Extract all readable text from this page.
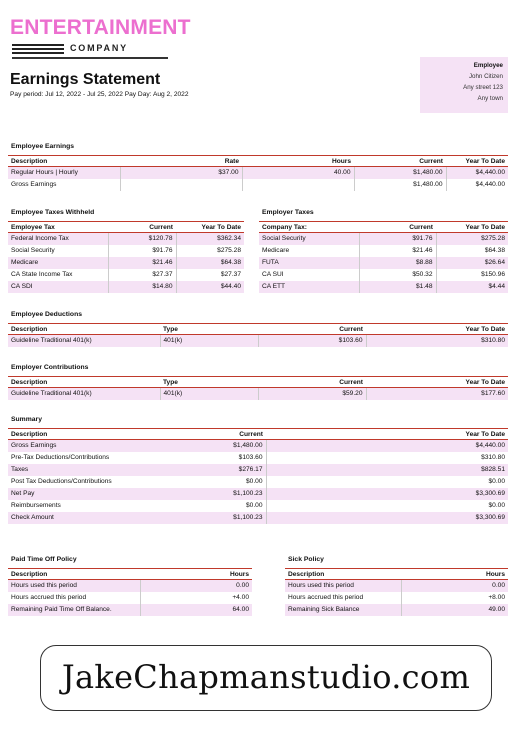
ENTERTAINMENT
COMPANY
Earnings Statement
Pay period: Jul 12, 2022 - Jul 25, 2022 Pay Day: Aug 2, 2022
Employee
John Citizen
Any street 123
Any town
Employee Earnings
Description	Rate	Hours	Current	Year To Date
Regular Hours | Hourly	$37.00	40.00	$1,480.00	$4,440.00
Gross Earnings			$1,480.00	$4,440.00
Employee Taxes Withheld
Employee Tax	Current	Year To Date
Federal Income Tax	$120.78	$362.34
Social Security	$91.76	$275.28
Medicare	$21.46	$64.38
CA State Income Tax	$27.37	$27.37
CA SDI	$14.80	$44.40
Employer Taxes
Company Tax:	Current	Year To Date
Social Security	$91.76	$275.28
Medicare	$21.46	$64.38
FUTA	$8.88	$26.64
CA SUI	$50.32	$150.96
CA ETT	$1.48	$4.44
Employee Deductions
Description	Type	Current	Year To Date
Guideline Traditional 401(k)	401(k)	$103.60	$310.80
Employer Contributions
Description	Type	Current	Year To Date
Guideline Traditional 401(k)	401(k)	$59.20	$177.60
Summary
Description	Current	Year To Date
Gross Earnings	$1,480.00	$4,440.00
Pre-Tax Deductions/Contributions	$103.60	$310.80
Taxes	$276.17	$828.51
Post Tax Deductions/Contributions	$0.00	$0.00
Net Pay	$1,100.23	$3,300.69
Reimbursements	$0.00	$0.00
Check Amount	$1,100.23	$3,300.69
Paid Time Off Policy
Description	Hours
Hours used this period	0.00
Hours accrued this period	+4.00
Remaining Paid Time Off Balance.	64.00
Sick Policy
Description	Hours
Hours used this period	0.00
Hours accrued this period	+8.00
Remaining Sick Balance	49.00
JakeChapmanstudio.com
